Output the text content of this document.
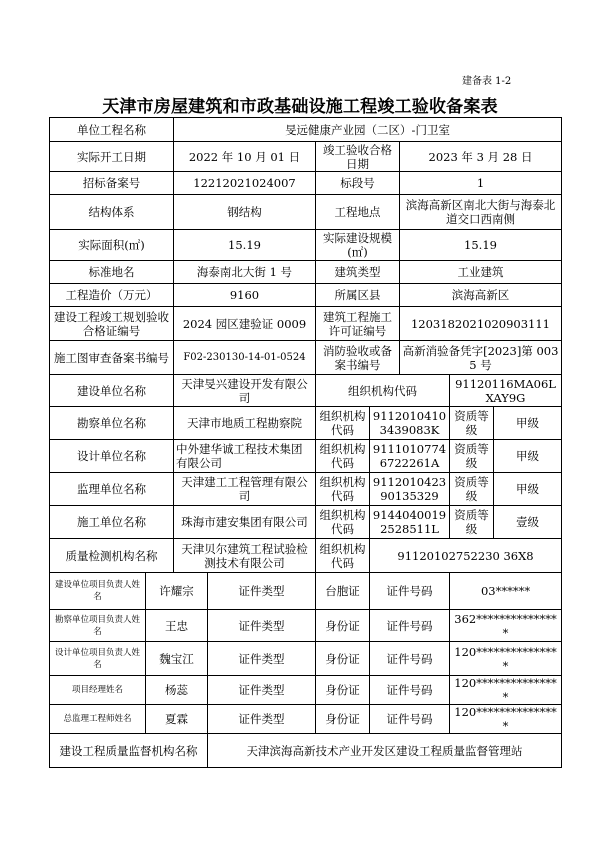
建备表 1-2
天津市房屋建筑和市政基础设施工程竣工验收备案表
单位工程名称		旻远健康产业园（二区）-门卫室						
实际开工日期		2022 年 10 月 01 日		竣工验收合格日期		2023 年 3 月 28 日		
招标备案号		12212021024007		标段号		1		
结构体系		钢结构		工程地点		滨海高新区南北大街与海泰北道交口西南侧		
实际面积(㎡)		15.19		实际建设规模(㎡)		15.19		
标准地名		海泰南北大街 1 号		建筑类型		工业建筑		
工程造价（万元）		9160		所属区县		滨海高新区		
建设工程竣工规划验收合格证编号		2024 园区建验证 0009		建筑工程施工许可证编号		1203182021020903111		
施工图审查备案书编号		F02-230130-14-01-0524		消防验收或备案书编号		高新消验备凭字[2023]第 0035 号		
建设单位名称		天津旻兴建设开发有限公司		组织机构代码			91120116MA06LXAY9G	
勘察单位名称		天津市地质工程勘察院		组织机构代码	91120104103439083K		资质等级	甲级
设计单位名称		中外建华诚工程技术集团有限公司		组织机构代码	91110107746722261A		资质等级	甲级
监理单位名称		天津建工工程管理有限公司		组织机构代码	911201042390135329		资质等级	甲级
施工单位名称		珠海市建安集团有限公司		组织机构代码	91440400192528511L		资质等级	壹级
质量检测机构名称		天津贝尔建筑工程试验检测技术有限公司		组织机构代码	91120102752230 36X8			
建设单位项目负责人姓名	许耀宗		证件类型	台胞证	证件号码		03******	
勘察单位项目负责人姓名	王忠		证件类型	身份证	证件号码		362***************	
设计单位项目负责人姓名	魏宝江		证件类型	身份证	证件号码		120***************	
项目经理姓名	杨蕊		证件类型	身份证	证件号码		120***************	
总监理工程师姓名	夏霖		证件类型	身份证	证件号码		120***************	
建设工程质量监督机构名称			天津滨海高新技术产业开发区建设工程质量监督管理站					
